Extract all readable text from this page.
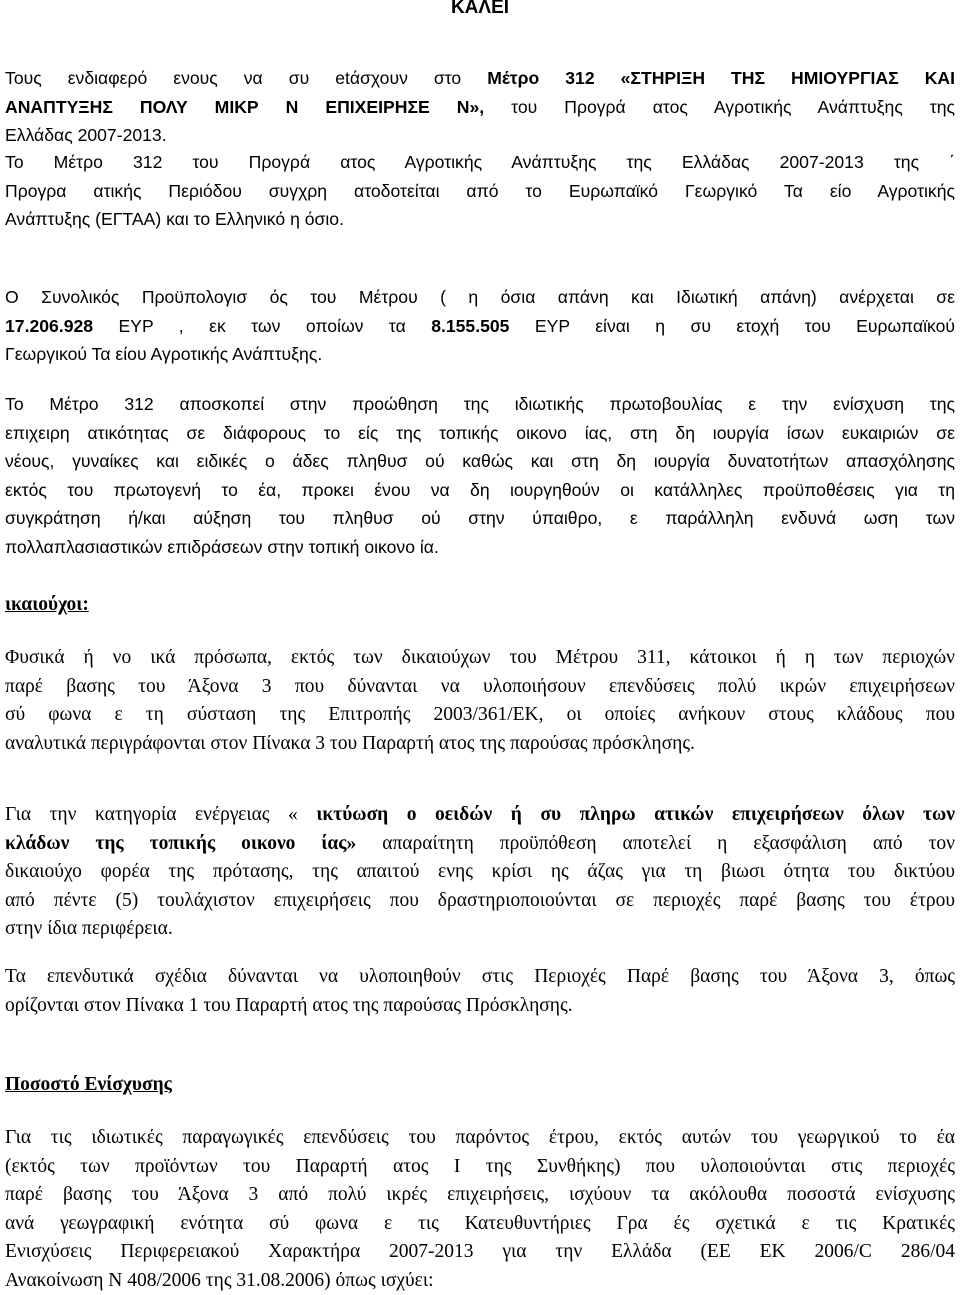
ΚΑΛΕΙ
Τους ενδιαφερό ενους να συ etάσχουν στο Μέτρο 312 «ΣΤΗΡΙΞΗ ΤΗΣ ΗΜΙΟΥΡΓΙΑΣ ΚΑΙ
ΑΝΑΠΤΥΞΗΣ ΠΟΛΥ ΜΙΚΡ Ν ΕΠΙΧΕΙΡΗΣΕ Ν», του Προγρά ατος Αγροτικής Ανάπτυξης της
Ελλάδας 2007-2013.
Το Μέτρο 312 του Προγρά ατος Αγροτικής Ανάπτυξης της Ελλάδας 2007-2013 της ΄
Προγρα ατικής Περιόδου συγχρη ατοδοτείται από το Ευρωπαϊκό Γεωργικό Τα είο Αγροτικής
Ανάπτυξης (ΕΓΤΑΑ) και το Ελληνικό η όσιο.
Ο Συνολικός Προϋπολογισ ός του Μέτρου ( η όσια απάνη και Ιδιωτική απάνη) ανέρχεται σε
17.206.928 ΕΥΡ , εκ των οποίων τα 8.155.505 ΕΥΡ είναι η συ ετοχή του Ευρωπαϊκού
Γεωργικού Τα είου Αγροτικής Ανάπτυξης.
Το Μέτρο 312 αποσκοπεί στην προώθηση της ιδιωτικής πρωτοβουλίας ε την ενίσχυση της
επιχειρη ατικότητας σε διάφορους το είς της τοπικής οικονο ίας, στη δη ιουργία ίσων ευκαιριών σε
νέους, γυναίκες και ειδικές ο άδες πληθυσ ού καθώς και στη δη ιουργία δυνατοτήτων απασχόλησης
εκτός του πρωτογενή το έα, προκει ένου να δη ιουργηθούν οι κατάλληλες προϋποθέσεις για τη
συγκράτηση ή/και αύξηση του πληθυσ ού στην ύπαιθρο, ε παράλληλη ενδυνά ωση των
πολλαπλασιαστικών επιδράσεων στην τοπική οικονο ία.
ικαιούχοι:
Φυσικά ή νο ικά πρόσωπα, εκτός των δικαιούχων του Μέτρου 311, κάτοικοι ή η των περιοχών
παρέ βασης του Άξονα 3 που δύνανται να υλοποιήσουν επενδύσεις πολύ ικρών επιχειρήσεων
σύ φωνα ε τη σύσταση της Επιτροπής 2003/361/ΕΚ, οι οποίες ανήκουν στους κλάδους που
αναλυτικά περιγράφονται στον Πίνακα 3 του Παραρτή ατος της παρούσας πρόσκλησης.
Για την κατηγορία ενέργειας « ικτύωση ο οειδών ή συ πληρω ατικών επιχειρήσεων όλων των
κλάδων της τοπικής οικονο ίας» απαραίτητη προϋπόθεση αποτελεί η εξασφάλιση από τον
δικαιούχο φορέα της πρότασης, της απαιτού ενης κρίσι ης άζας για τη βιωσι ότητα του δικτύου
από πέντε (5) τουλάχιστον επιχειρήσεις που δραστηριοποιούνται σε περιοχές παρέ βασης του έτρου
στην ίδια περιφέρεια.
Τα επενδυτικά σχέδια δύνανται να υλοποιηθούν στις Περιοχές Παρέ βασης του Άξονα 3, όπως
ορίζονται στον Πίνακα 1 του Παραρτή ατος της παρούσας Πρόσκλησης.
Ποσοστό Ενίσχυσης
Για τις ιδιωτικές παραγωγικές επενδύσεις του παρόντος έτρου, εκτός αυτών του γεωργικού το έα
(εκτός των προϊόντων του Παραρτή ατος Ι της Συνθήκης) που υλοποιούνται στις περιοχές
παρέ βασης του Άξονα 3 από πολύ ικρές επιχειρήσεις, ισχύουν τα ακόλουθα ποσοστά ενίσχυσης
ανά γεωγραφική ενότητα σύ φωνα ε τις Κατευθυντήριες Γρα ές σχετικά ε τις Κρατικές
Ενισχύσεις Περιφερειακού Χαρακτήρα 2007-2013 για την Ελλάδα (ΕΕ ΕΚ 2006/C 286/04
Ανακοίνωση Ν 408/2006 της 31.08.2006) όπως ισχύει:
